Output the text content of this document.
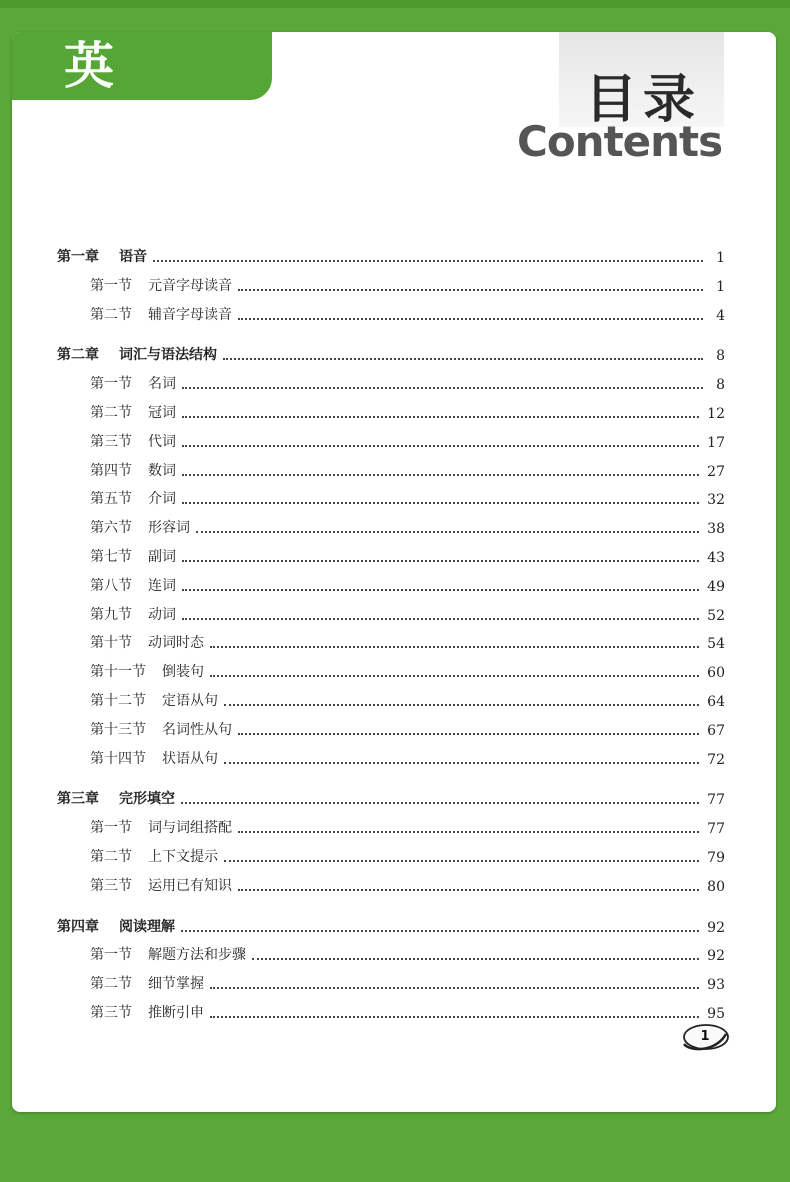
英 语
目录
Contents
第一章 语音	1
第一节 元音字母读音	1
第二节 辅音字母读音	4
第二章 词汇与语法结构	8
第一节 名词	8
第二节 冠词	12
第三节 代词	17
第四节 数词	27
第五节 介词	32
第六节 形容词	38
第七节 副词	43
第八节 连词	49
第九节 动词	52
第十节 动词时态	54
第十一节 倒装句	60
第十二节 定语从句	64
第十三节 名词性从句	67
第十四节 状语从句	72
第三章 完形填空	77
第一节 词与词组搭配	77
第二节 上下文提示	79
第三节 运用已有知识	80
第四章 阅读理解	92
第一节 解题方法和步骤	92
第二节 细节掌握	93
第三节 推断引申	95
1
